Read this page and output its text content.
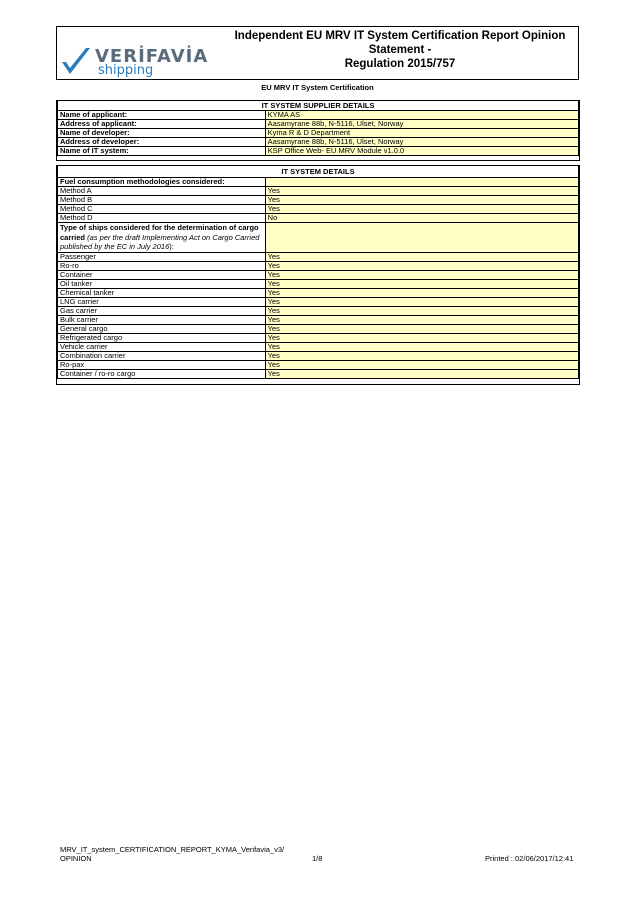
VERİFAVİA
shipping
Independent EU MRV IT System Certification Report Opinion Statement -
Regulation 2015/757
EU MRV IT System Certification
IT SYSTEM SUPPLIER DETAILS	
Name of applicant:	KYMA AS
Address of applicant:	Aasamyrane 88b, N-5116, Ulset, Norway
Name of developer:	Kyma R & D Department
Address of developer:	Aasamyrane 88b, N-5116, Ulset, Norway
Name of IT system:	KSP Office Web- EU MRV Module v1.0.0
IT SYSTEM DETAILS	
Fuel consumption methodologies considered:	
Method A	Yes
Method B	Yes
Method C	Yes
Method D	No
Type of ships considered for the determination of cargo
carried (as per the draft Implementing Act on Cargo Carried
published by the EC in July 2016):	
Passenger	Yes
Ro-ro	Yes
Container	Yes
Oil tanker	Yes
Chemical tanker	Yes
LNG carrier	Yes
Gas carrier	Yes
Bulk carrier	Yes
General cargo	Yes
Refrigerated cargo	Yes
Vehicle carrier	Yes
Combination carrier	Yes
Ro-pax	Yes
Container / ro-ro cargo	Yes
MRV_IT_system_CERTIFICATION_REPORT_KYMA_Verifavia_v3/
OPINION	1/8	Printed : 02/06/2017/12:41
